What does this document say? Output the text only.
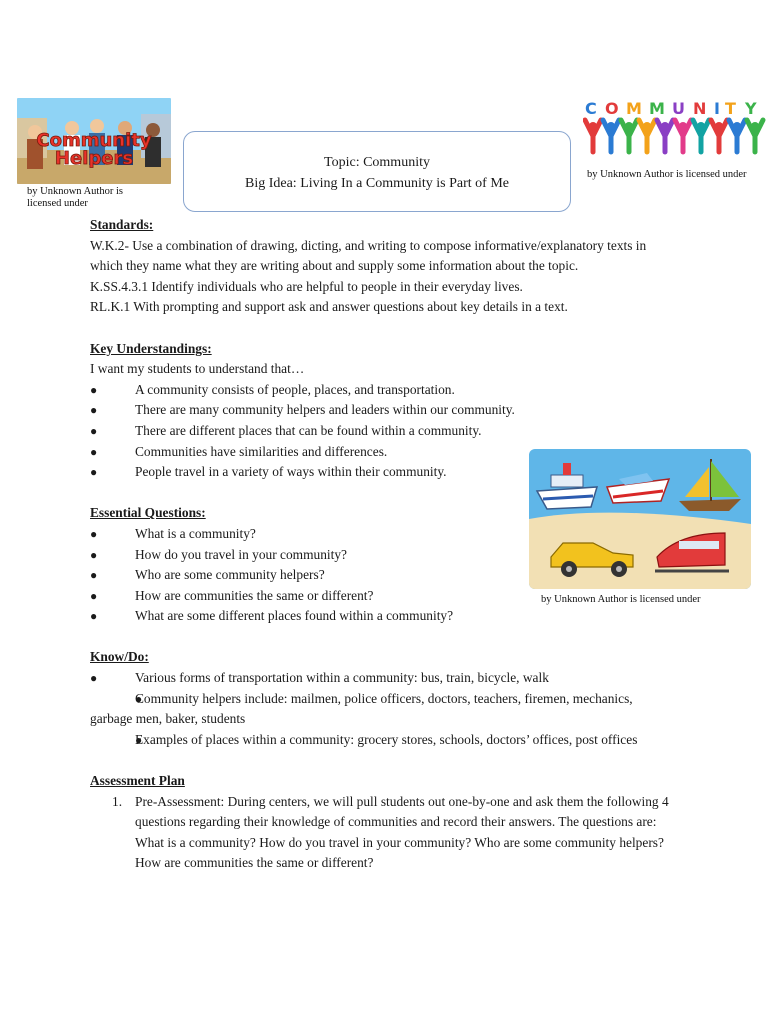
Community
Helpers
by Unknown Author is licensed under
Topic: Community
Big Idea: Living In a Community is Part of Me
C O M M U N I T Y
by Unknown Author is licensed under
by Unknown Author is licensed under

Standards:

W.K.2- Use a combination of drawing, dicting, and writing to compose informative/explanatory texts in which they name what they are writing about and supply some information about the topic.

K.SS.4.3.1 Identify individuals who are helpful to people in their everyday lives.

RL.K.1 With prompting and support ask and answer questions about key details in a text.

Key Understandings:

I want my students to understand that…

● A community consists of people, places, and transportation.
● There are many community helpers and leaders within our community.
● There are different places that can be found within a community.
● Communities have similarities and differences.
● People travel in a variety of ways within their community.

Essential Questions:

● What is a community?
● How do you travel in your community?
● Who are some community helpers?
● How are communities the same or different?
● What are some different places found within a community?

Know/Do:

● Various forms of transportation within a community: bus, train, bicycle, walk
● Community helpers include: mailmen, police officers, doctors, teachers, firemen, mechanics, garbage men, baker, students
● Examples of places within a community: grocery stores, schools, doctors’ offices, post offices

Assessment Plan

1. Pre-Assessment: During centers, we will pull students out one-by-one and ask them the following 4 questions regarding their knowledge of communities and record their answers. The questions are: What is a community? How do you travel in your community? Who are some community helpers? How are communities the same or different?
